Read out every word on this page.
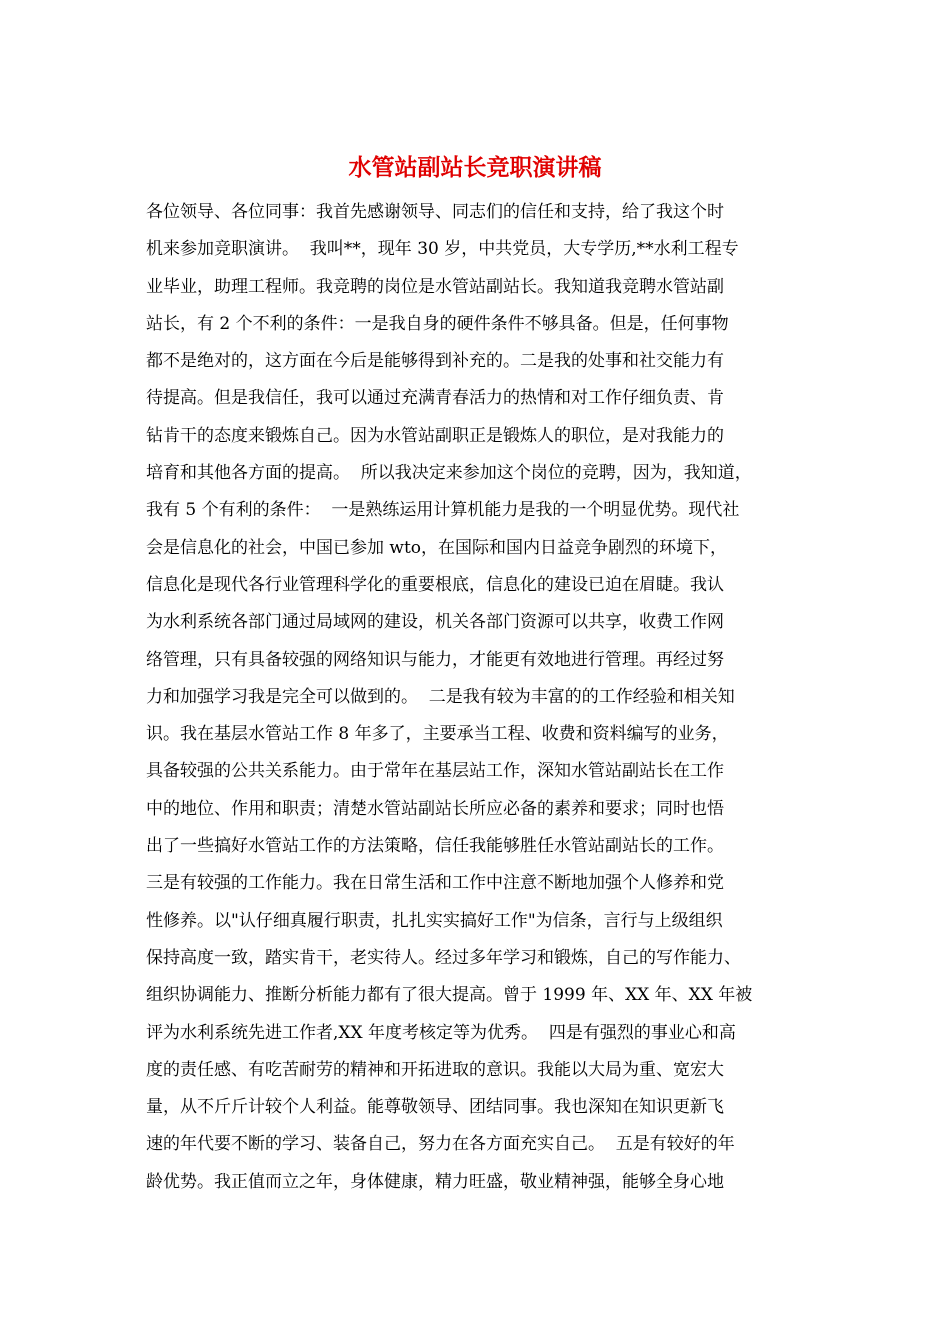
水管站副站长竞职演讲稿
各位领导、各位同事：我首先感谢领导、同志们的信任和支持，给了我这个时
机来参加竞职演讲。  我叫**，现年 30 岁，中共党员，大专学历,**水利工程专
业毕业，助理工程师。我竞聘的岗位是水管站副站长。我知道我竞聘水管站副
站长，有 2 个不利的条件：一是我自身的硬件条件不够具备。但是，任何事物
都不是绝对的，这方面在今后是能够得到补充的。二是我的处事和社交能力有
待提高。但是我信任，我可以通过充满青春活力的热情和对工作仔细负责、肯
钻肯干的态度来锻炼自己。因为水管站副职正是锻炼人的职位，是对我能力的
培育和其他各方面的提高。  所以我决定来参加这个岗位的竞聘，因为，我知道，
我有 5 个有利的条件：  一是熟练运用计算机能力是我的一个明显优势。现代社
会是信息化的社会，中国已参加 wto，在国际和国内日益竞争剧烈的环境下，
信息化是现代各行业管理科学化的重要根底，信息化的建设已迫在眉睫。我认
为水利系统各部门通过局域网的建设，机关各部门资源可以共享，收费工作网
络管理，只有具备较强的网络知识与能力，才能更有效地进行管理。再经过努
力和加强学习我是完全可以做到的。  二是我有较为丰富的的工作经验和相关知
识。我在基层水管站工作 8 年多了，主要承当工程、收费和资料编写的业务，
具备较强的公共关系能力。由于常年在基层站工作，深知水管站副站长在工作
中的地位、作用和职责；清楚水管站副站长所应必备的素养和要求；同时也悟
出了一些搞好水管站工作的方法策略，信任我能够胜任水管站副站长的工作。
三是有较强的工作能力。我在日常生活和工作中注意不断地加强个人修养和党
性修养。以"认仔细真履行职责，扎扎实实搞好工作"为信条，言行与上级组织
保持高度一致，踏实肯干，老实待人。经过多年学习和锻炼，自己的写作能力、
组织协调能力、推断分析能力都有了很大提高。曾于 1999 年、XX 年、XX 年被
评为水利系统先进工作者,XX 年度考核定等为优秀。  四是有强烈的事业心和高
度的责任感、有吃苦耐劳的精神和开拓进取的意识。我能以大局为重、宽宏大
量，从不斤斤计较个人利益。能尊敬领导、团结同事。我也深知在知识更新飞
速的年代要不断的学习、装备自己，努力在各方面充实自己。  五是有较好的年
龄优势。我正值而立之年，身体健康，精力旺盛，敬业精神强，能够全身心地
